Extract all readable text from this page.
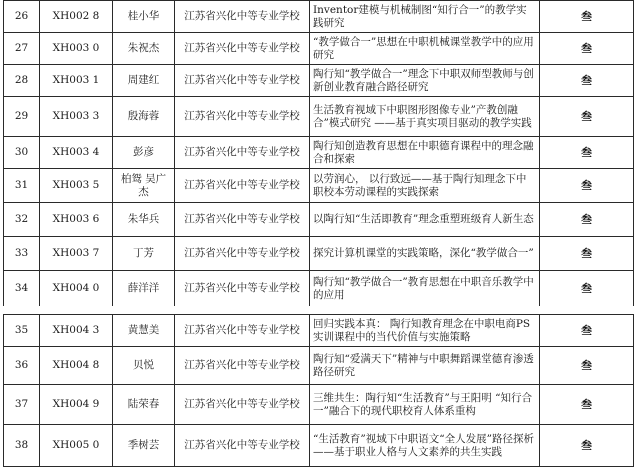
26	XH002 8	桂小华	江苏省兴化中等专业学校	Inventor建模与机械制图“知行合一”的教学实践研究	叁
27	XH003 0	朱祝杰	江苏省兴化中等专业学校	“教学做合一”思想在中职机械课堂教学中的应用研究	叁
28	XH003 1	周建红	江苏省兴化中等专业学校	陶行知“教学做合一”理念下中职双师型教师与创新创业教育融合路径研究	叁
29	XH003 3	殷海蓉	江苏省兴化中等专业学校	生活教育视域下中职图形图像专业”产教创融合”模式研究 ——基于真实项目驱动的教学实践	叁
30	XH003 4	彭彦	江苏省兴化中等专业学校	陶行知创造教育思想在中职德育课程中的理念融合和探索	叁
31	XH003 5	柏鸳 吴广杰	江苏省兴化中等专业学校	以劳润心， 以行致远——基于陶行知理念下中职校本劳动课程的实践探索	叁
32	XH003 6	朱华兵	江苏省兴化中等专业学校	以陶行知“生活即教育”理念重塑班级育人新生态	叁
33	XH003 7	丁芳	江苏省兴化中等专业学校	探究计算机课堂的实践策略，深化“教学做合一”	叁
34	XH004 0	薛洋洋	江苏省兴化中等专业学校	陶行知“教学做合一”教育思想在中职音乐教学中的应用	叁
35	XH004 3	黄慧美	江苏省兴化中等专业学校	回归实践本真： 陶行知教育理念在中职电商PS实训课程中的当代价值与实施策略	叁
36	XH004 8	贝悦	江苏省兴化中等专业学校	陶行知“爱满天下”精神与中职舞蹈课堂德育渗透路径研究	叁
37	XH004 9	陆荣春	江苏省兴化中等专业学校	三维共生：陶行知“生活教育”与王阳明 “知行合一”融合下的现代职校育人体系重构	叁
38	XH005 0	季树芸	江苏省兴化中等专业学校	“生活教育”视域下中职语文“全人发展”路径探析——基于职业人格与人文素养的共生实践	叁
